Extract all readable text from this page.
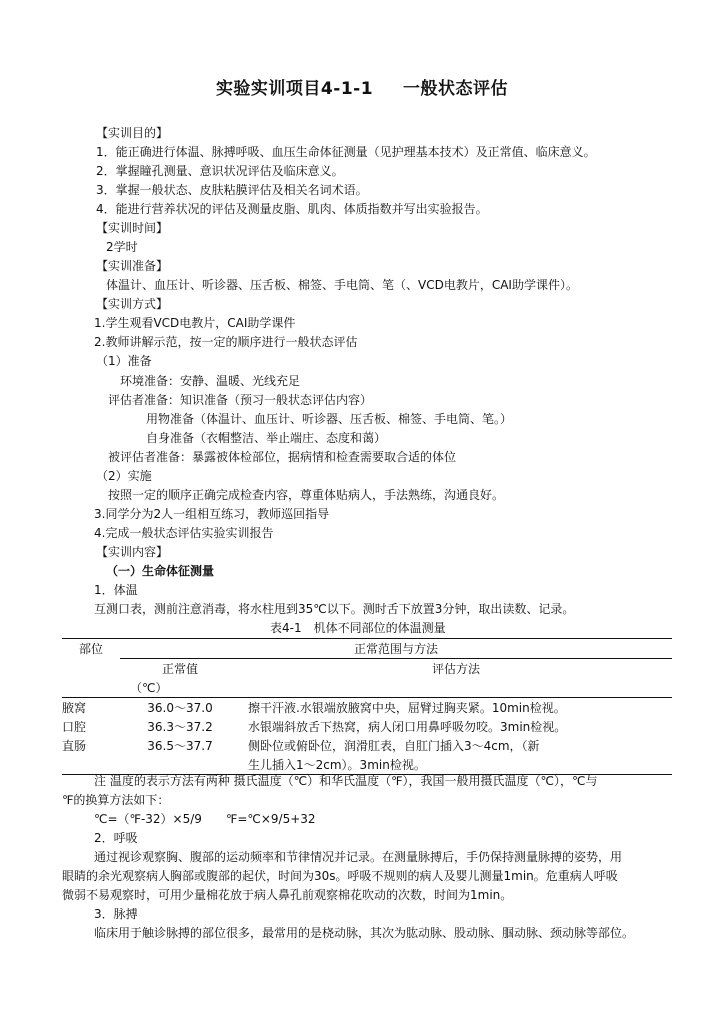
实验实训项目4-1-1 一般状态评估
【实训目的】
1．能正确进行体温、脉搏呼吸、血压生命体征测量（见护理基本技术）及正常值、临床意义。
2．掌握瞳孔测量、意识状况评估及临床意义。
3．掌握一般状态、皮肤粘膜评估及相关名词术语。
4．能进行营养状况的评估及测量皮脂、肌肉、体质指数并写出实验报告。
【实训时间】
2学时
【实训准备】
体温计、血压计、听诊器、压舌板、棉签、手电筒、笔（、VCD电教片，CAI助学课件）。
【实训方式】
1.学生观看VCD电教片，CAI助学课件
2.教师讲解示范，按一定的顺序进行一般状态评估
（1）准备
环境准备：安静、温暖、光线充足
评估者准备：知识准备（预习一般状态评估内容）
用物准备（体温计、血压计、听诊器、压舌板、棉签、手电筒、笔。）
自身准备（衣帽整洁、举止端庄、态度和蔼）
被评估者准备：暴露被体检部位，据病情和检查需要取合适的体位
（2）实施
按照一定的顺序正确完成检查内容，尊重体贴病人，手法熟练，沟通良好。
3.同学分为2人一组相互练习，教师巡回指导
4.完成一般状态评估实验实训报告
【实训内容】
（一）生命体征测量
1．体温
互测口表，测前注意消毒，将水柱甩到35℃以下。测时舌下放置3分钟，取出读数、记录。
表4-1　机体不同部位的体温测量
部位	正常范围与方法	
	正常值	评估方法
	（℃）	
腋窝	36.0～37.0	擦干汗液.水银端放腋窝中央，屈臂过胸夹紧。10min检视。
口腔	36.3～37.2	水银端斜放舌下热窝，病人闭口用鼻呼吸勿咬。3min检视。
直肠	36.5～37.7	侧卧位或俯卧位，润滑肛表，自肛门插入3～4cm，（新
		生儿插入1～2cm）。3min检视。
注 温度的表示方法有两种 摄氏温度（℃）和华氏温度（℉），我国一般用摄氏温度（℃），℃与
℉的换算方法如下：
℃=（℉-32）×5/9　　℉=℃×9/5+32
2．呼吸
通过视诊观察胸、腹部的运动频率和节律情况并记录。在测量脉搏后，手仍保持测量脉搏的姿势，用
眼睛的余光观察病人胸部或腹部的起伏，时间为30s。呼吸不规则的病人及婴儿测量1min。危重病人呼吸
微弱不易观察时，可用少量棉花放于病人鼻孔前观察棉花吹动的次数，时间为1min。
3．脉搏
临床用于触诊脉搏的部位很多，最常用的是桡动脉，其次为肱动脉、股动脉、腘动脉、颈动脉等部位。
